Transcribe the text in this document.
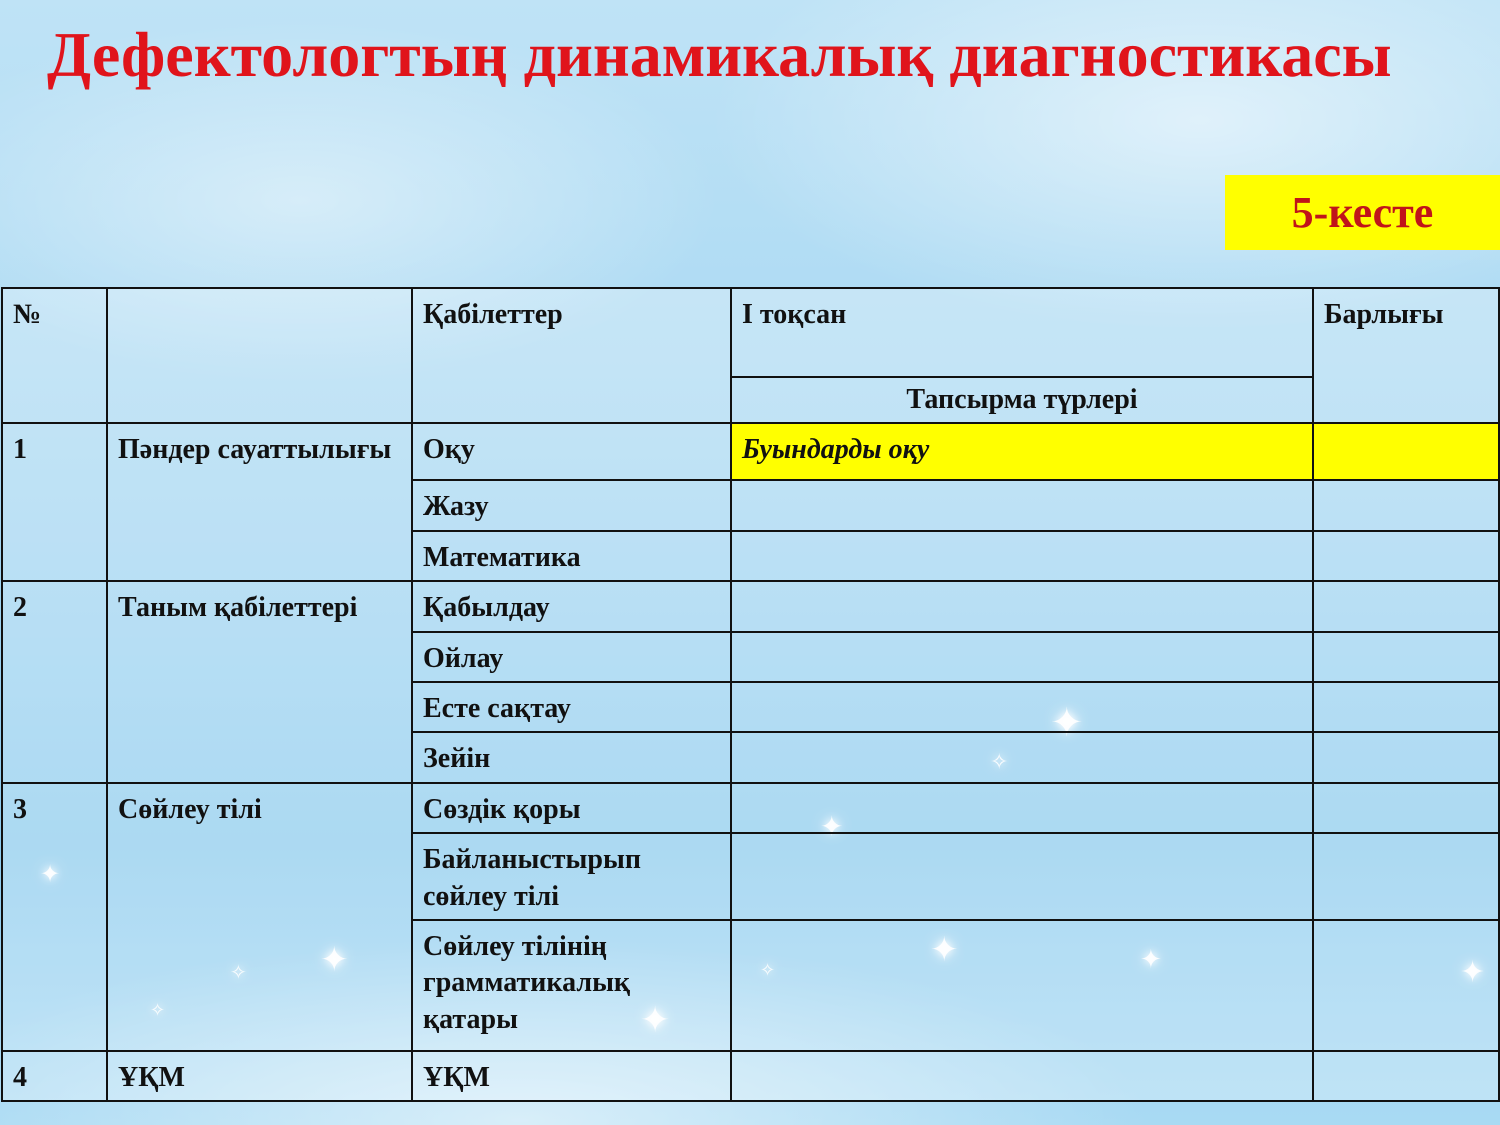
✦
✧
✦
✦	✦	✦
✦
✧
✦
✦
✧
✧
Дефектологтың динамикалық диагностикасы
5-кесте
№		Қабілеттер	І тоқсан	Барлығы
			Тапсырма түрлері	
1	Пәндер сауаттылығы	Оқу	Буындарды оқу	
		Жазу		
		Математика		
2	Таным қабілеттері	Қабылдау		
		Ойлау		
		Есте сақтау		
		Зейін		
3	Сөйлеу тілі	Сөздік қоры		
		Байланыстырып сөйлеу тілі		
		Сөйлеу тілінің грамматикалық қатары		
4	ҰҚМ	ҰҚМ		
